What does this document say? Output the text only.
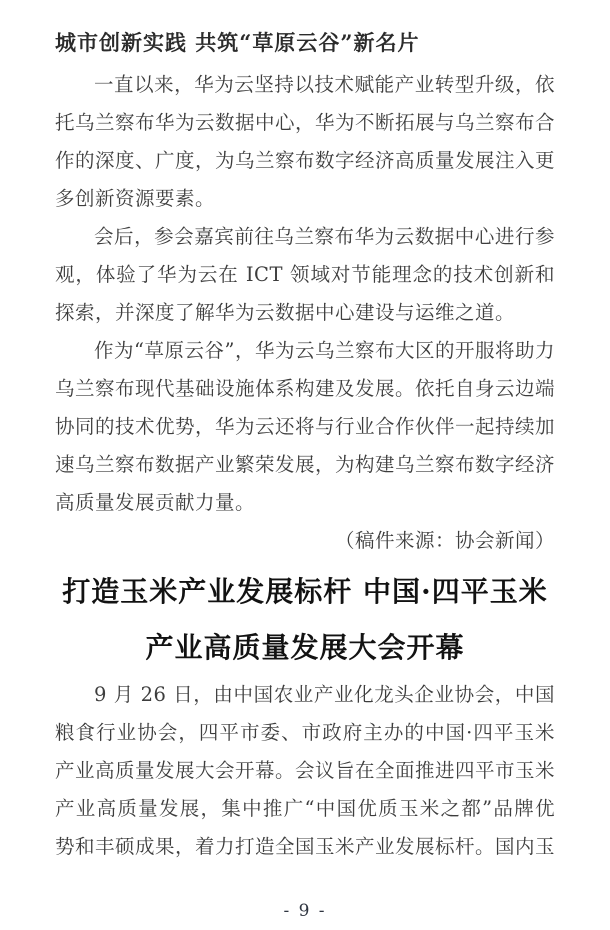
城市创新实践 共筑“草原云谷”新名片

一直以来，华为云坚持以技术赋能产业转型升级，依托乌兰察布华为云数据中心，华为不断拓展与乌兰察布合作的深度、广度，为乌兰察布数字经济高质量发展注入更多创新资源要素。

会后，参会嘉宾前往乌兰察布华为云数据中心进行参观，体验了华为云在 ICT 领域对节能理念的技术创新和探索，并深度了解华为云数据中心建设与运维之道。

作为“草原云谷”，华为云乌兰察布大区的开服将助力乌兰察布现代基础设施体系构建及发展。依托自身云边端协同的技术优势，华为云还将与行业合作伙伴一起持续加速乌兰察布数据产业繁荣发展，为构建乌兰察布数字经济高质量发展贡献力量。

（稿件来源：协会新闻）
打造玉米产业发展标杆 中国·四平玉米
产业高质量发展大会开幕

9 月 26 日，由中国农业产业化龙头企业协会，中国粮食行业协会，四平市委、市政府主办的中国·四平玉米产业高质量发展大会开幕。会议旨在全面推进四平市玉米产业高质量发展，集中推广“中国优质玉米之都”品牌优势和丰硕成果，着力打造全国玉米产业发展标杆。国内玉

- 9 -
